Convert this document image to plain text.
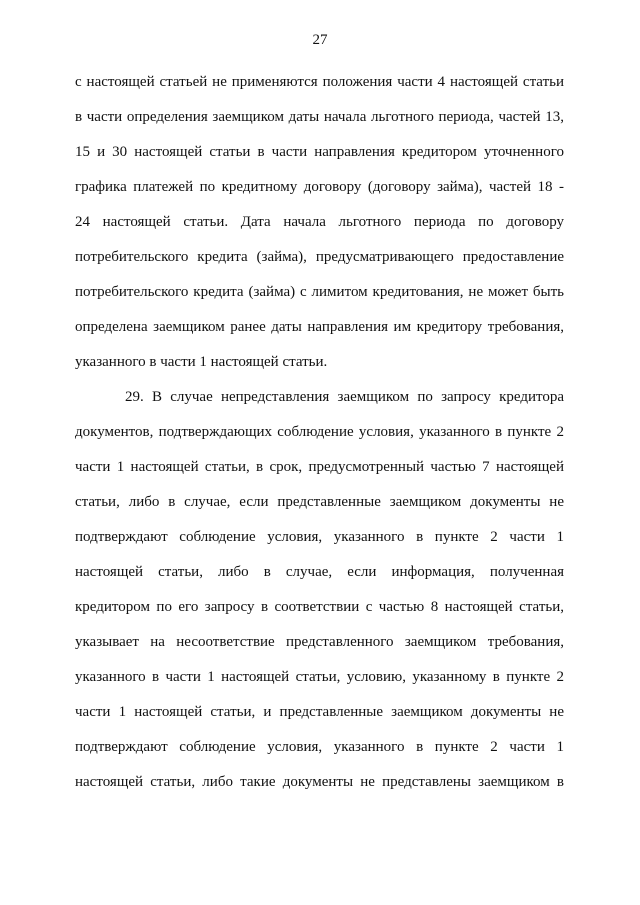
27
с настоящей статьей не применяются положения части 4 настоящей статьи
в части определения заемщиком даты начала льготного периода, частей 13,
15 и 30 настоящей статьи в части направления кредитором уточненного
графика платежей по кредитному договору (договору займа), частей 18 -
24 настоящей статьи. Дата начала льготного периода по договору
потребительского кредита (займа), предусматривающего предоставление
потребительского кредита (займа) с лимитом кредитования, не может быть
определена заемщиком ранее даты направления им кредитору требования,
указанного в части 1 настоящей статьи.
29. В случае непредставления заемщиком по запросу кредитора
документов, подтверждающих соблюдение условия, указанного в пункте 2
части 1 настоящей статьи, в срок, предусмотренный частью 7 настоящей
статьи, либо в случае, если представленные заемщиком документы не
подтверждают соблюдение условия, указанного в пункте 2 части 1
настоящей статьи, либо в случае, если информация, полученная
кредитором по его запросу в соответствии с частью 8 настоящей статьи,
указывает на несоответствие представленного заемщиком требования,
указанного в части 1 настоящей статьи, условию, указанному в пункте 2
части 1 настоящей статьи, и представленные заемщиком документы не
подтверждают соблюдение условия, указанного в пункте 2 части 1
настоящей статьи, либо такие документы не представлены заемщиком в
